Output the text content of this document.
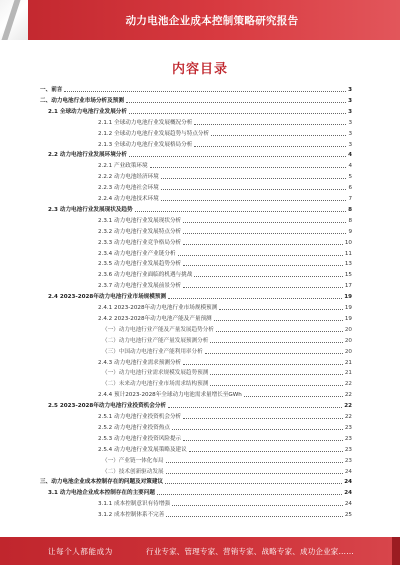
动力电池企业成本控制策略研究报告
内容目录
一、前言	3
二、动力电池行业市场分析及预测	3
2.1 全球动力电池行业发展分析	3
2.1.1 全球动力电池行业发展概况分析	3
2.1.2 全球动力电池行业发展趋势与特点分析	3
2.1.3 全球动力电池行业发展格局分析	3
2.2 动力电池行业发展环境分析	4
2.2.1 产业政策环境	4
2.2.2 动力电池经济环境	5
2.2.3 动力电池社会环境	6
2.2.4 动力电池技术环境	7
2.3 动力电池行业发展现状及趋势	8
2.3.1 动力电池行业发展现状分析	8
2.3.2 动力电池行业发展特点分析	9
2.3.3 动力电池行业竞争格局分析	10
2.3.4 动力电池行业产业链分析	11
2.3.5 动力电池行业发展趋势分析	13
2.3.6 动力电池行业面临的机遇与挑战	15
2.3.7 动力电池行业发展前景分析	17
2.4 2023-2028年动力电池行业市场规模预测	19
2.4.1 2023-2028年动力电池行业市场规模预测	19
2.4.2 2023-2028年动力电池产能及产量预测	19
（一）动力电池行业产能及产量发展趋势分析	20
（二）动力电池行业产能产量发展预测分析	20
（三）中国动力电池行业产能利用率分析	20
2.4.3 动力电池行业需求预测分析	21
（一）动力电池行业需求规模发展趋势预测	21
（二）未来动力电池行业市场需求结构预测	22
2.4.4 预计2023-2028年全球动力电池需求量增长至GWh	22
2.5 2023-2028年动力电池行业投资机会分析	22
2.5.1 动力电池行业投资机会分析	22
2.5.2 动力电池行业投资热点	23
2.5.3 动力电池行业投资风险提示	23
2.5.4 动力电池行业发展策略及建议	23
（一）产业链一体化布局	23
（二）技术创新驱动发展	24
三、动力电池企业成本控制存在的问题及对策建议	24
3.1 动力电池企业成本控制存在的主要问题	24
3.1.1 成本控制意识有待增强	24
3.1.2 成本控制体系不完善	25
让每个人都能成为	行业专家、管理专家、营销专家、战略专家、成功企业家……
